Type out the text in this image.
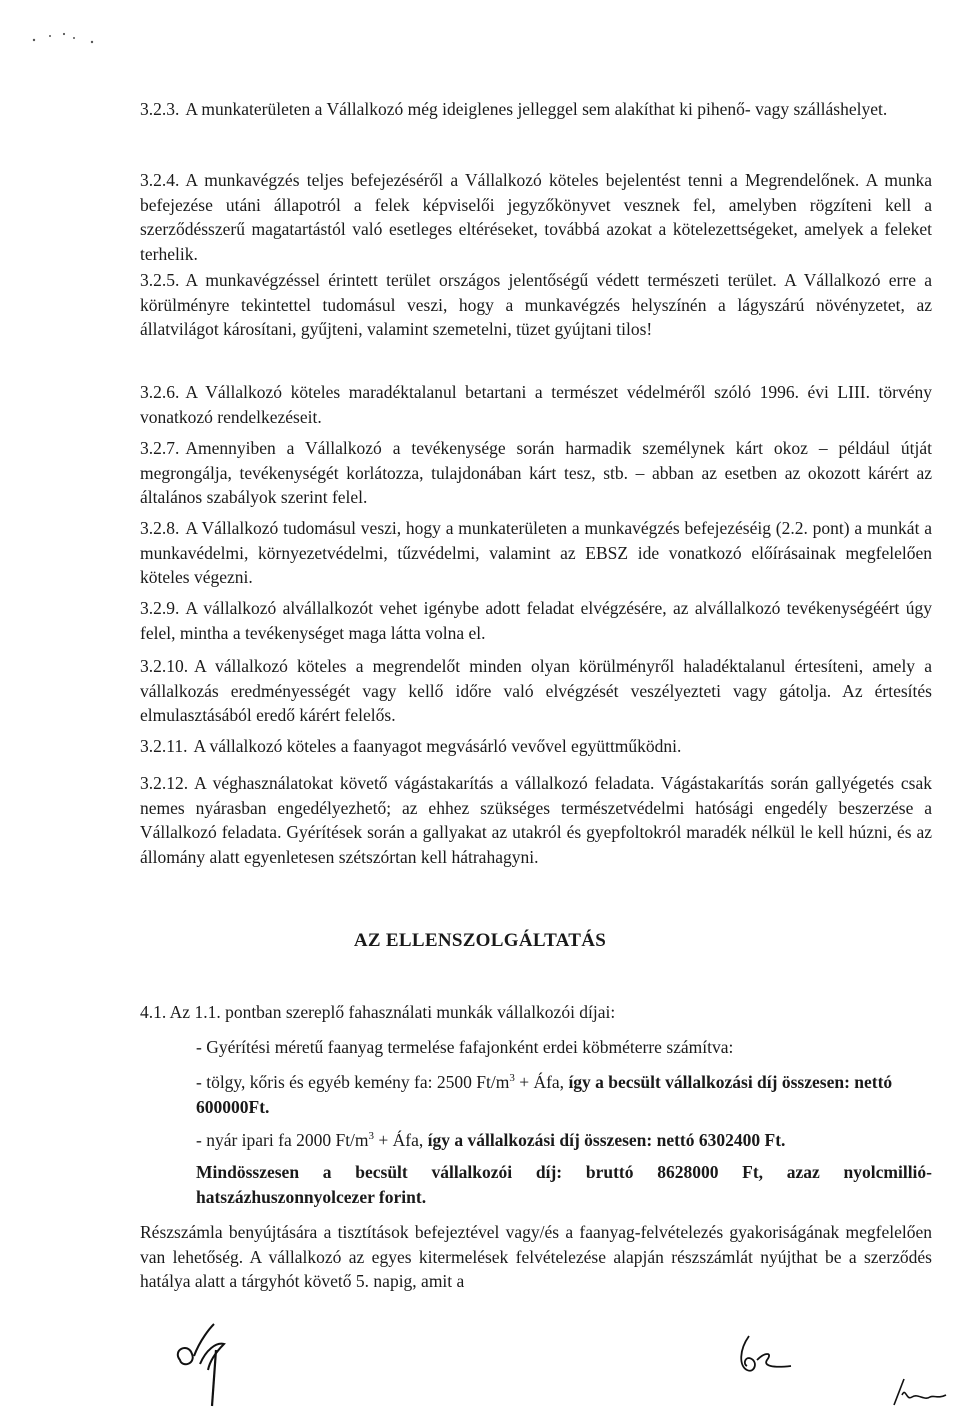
3.2.3. A munkaterületen a Vállalkozó még ideiglenes jelleggel sem alakíthat ki pihenő- vagy szálláshelyet.

3.2.4. A munkavégzés teljes befejezéséről a Vállalkozó köteles bejelentést tenni a Megrendelőnek. A munka befejezése utáni állapotról a felek képviselői jegyzőkönyvet vesznek fel, amelyben rögzíteni kell a szerződésszerű magatartástól való esetleges eltéréseket, továbbá azokat a kötelezettségeket, amelyek a feleket terhelik.

3.2.5. A munkavégzéssel érintett terület országos jelentőségű védett természeti terület. A Vállalkozó erre a körülményre tekintettel tudomásul veszi, hogy a munkavégzés helyszínén a lágyszárú növényzetet, az állatvilágot károsítani, gyűjteni, valamint szemetelni, tüzet gyújtani tilos!

3.2.6. A Vállalkozó köteles maradéktalanul betartani a természet védelméről szóló 1996. évi LIII. törvény vonatkozó rendelkezéseit.

3.2.7. Amennyiben a Vállalkozó a tevékenysége során harmadik személynek kárt okoz – például útját megrongálja, tevékenységét korlátozza, tulajdonában kárt tesz, stb. – abban az esetben az okozott kárért az általános szabályok szerint felel.

3.2.8. A Vállalkozó tudomásul veszi, hogy a munkaterületen a munkavégzés befejezéséig (2.2. pont) a munkát a munkavédelmi, környezetvédelmi, tűzvédelmi, valamint az EBSZ ide vonatkozó előírásainak megfelelően köteles végezni.

3.2.9. A vállalkozó alvállalkozót vehet igénybe adott feladat elvégzésére, az alvállalkozó tevékenységéért úgy felel, mintha a tevékenységet maga látta volna el.

3.2.10. A vállalkozó köteles a megrendelőt minden olyan körülményről haladéktalanul értesíteni, amely a vállalkozás eredményességét vagy kellő időre való elvégzését veszélyezteti vagy gátolja. Az értesítés elmulasztásából eredő kárért felelős.

3.2.11. A vállalkozó köteles a faanyagot megvásárló vevővel együttműködni.

3.2.12. A véghasználatokat követő vágástakarítás a vállalkozó feladata. Vágástakarítás során gallyégetés csak nemes nyárasban engedélyezhető; az ehhez szükséges természetvédelmi hatósági engedély beszerzése a Vállalkozó feladata. Gyérítések során a gallyakat az utakról és gyepfoltokról maradék nélkül le kell húzni, és az állomány alatt egyenletesen szétszórtan kell hátrahagyni.

AZ ELLENSZOLGÁLTATÁS

4.1. Az 1.1. pontban szereplő fahasználati munkák vállalkozói díjai:

- Gyérítési méretű faanyag termelése fafajonként erdei köbméterre számítva:

- tölgy, kőris és egyéb kemény fa: 2500 $Ft/m^3$ + Áfa, így a becsült vállalkozási díj összesen: nettó 600000Ft.

- nyár ipari fa 2000 $Ft/m^3$ + Áfa, így a vállalkozási díj összesen: nettó 6302400 Ft.

Mindösszesen a becsült vállalkozói díj: bruttó 8628000 Ft, azaz nyolcmillió-hatszázhuszonnyolcezer forint.

Részszámla benyújtására a tisztítások befejeztével vagy/és a faanyag-felvételezés gyakoriságának megfelelően van lehetőség. A vállalkozó az egyes kitermelések felvételezése alapján részszámlát nyújthat be a szerződés hatálya alatt a tárgyhót követő 5. napig, amit a
